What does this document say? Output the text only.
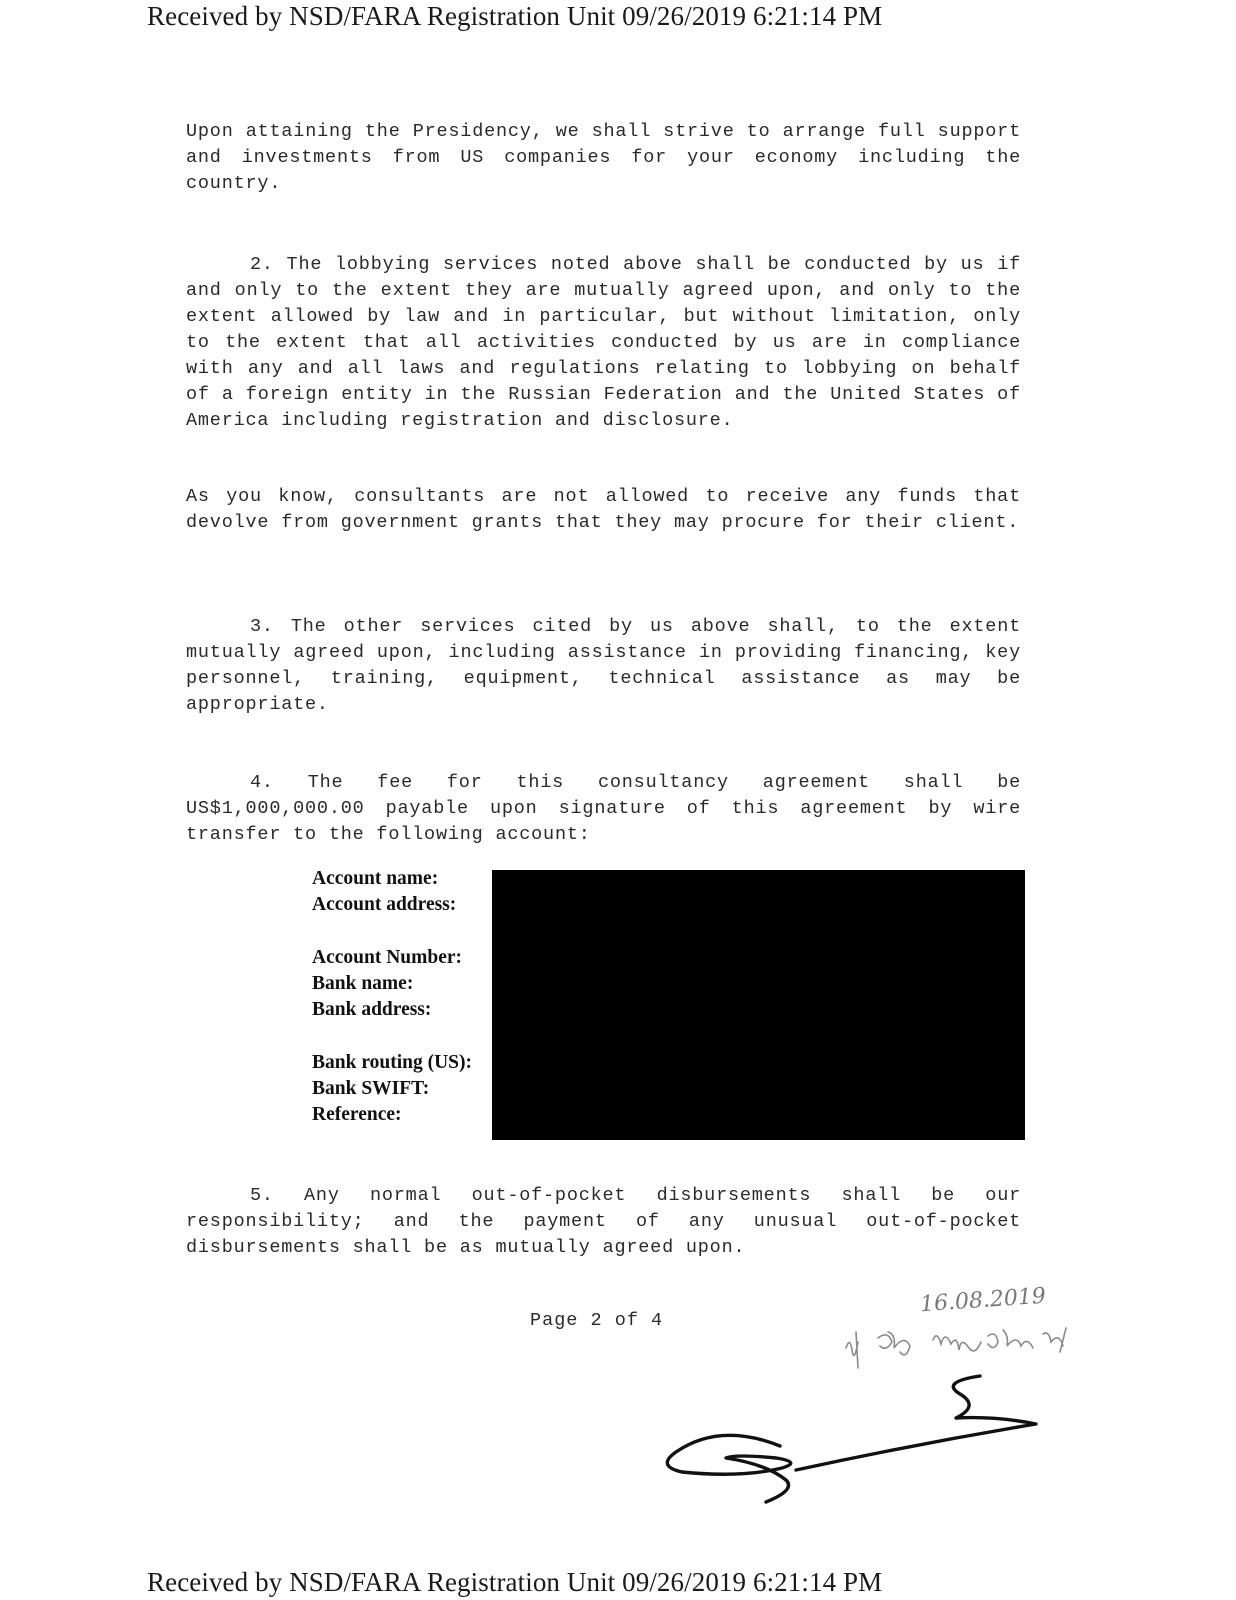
Received by NSD/FARA Registration Unit 09/26/2019 6:21:14 PM

Upon attaining the Presidency, we shall strive to arrange full support and investments from US companies for your economy including the country.

2. The lobbying services noted above shall be conducted by us if and only to the extent they are mutually agreed upon, and only to the extent allowed by law and in particular, but without limitation, only to the extent that all activities conducted by us are in compliance with any and all laws and regulations relating to lobbying on behalf of a foreign entity in the Russian Federation and the United States of America including registration and disclosure.

As you know, consultants are not allowed to receive any funds that devolve from government grants that they may procure for their client.

3. The other services cited by us above shall, to the extent mutually agreed upon, including assistance in providing financing, key personnel, training, equipment, technical assistance as may be appropriate.

4. The fee for this consultancy agreement shall be US$1,000,000.00 payable upon signature of this agreement by wire transfer to the following account:

Account name:
Account address:
Account Number:
Bank name:
Bank address:
Bank routing (US):
Bank SWIFT:
Reference:

5. Any normal out-of-pocket disbursements shall be our responsibility; and the payment of any unusual out-of-pocket disbursements shall be as mutually agreed upon.

Page 2 of 4
16.08.2019
Received by NSD/FARA Registration Unit 09/26/2019 6:21:14 PM
